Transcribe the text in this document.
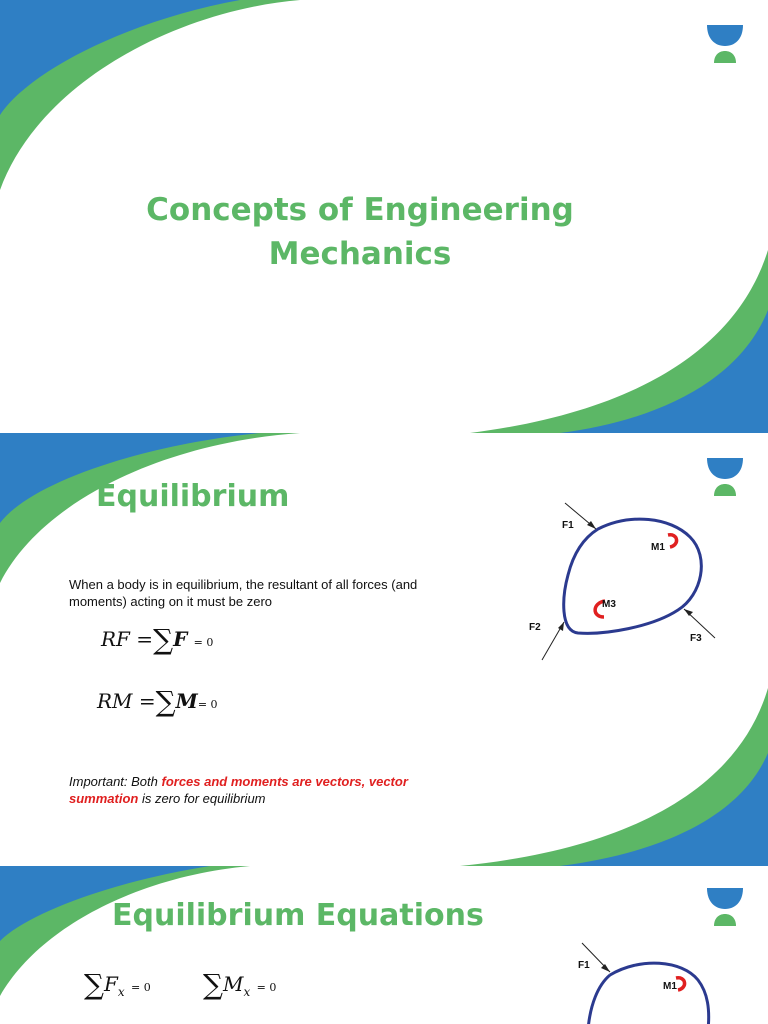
Concepts of Engineering
Mechanics
Equilibrium

When a body is in equilibrium, the resultant of all forces (and moments) acting on it must be zero

RF =∑F = 0
RM =∑M= 0

Important: Both forces and moments are vectors, vector
summation is zero for equilibrium

F1
M1
M3
F2
F3
Equilibrium Equations
$\sum F_x = 0$ $\sum M_x = 0$
F1
M1
